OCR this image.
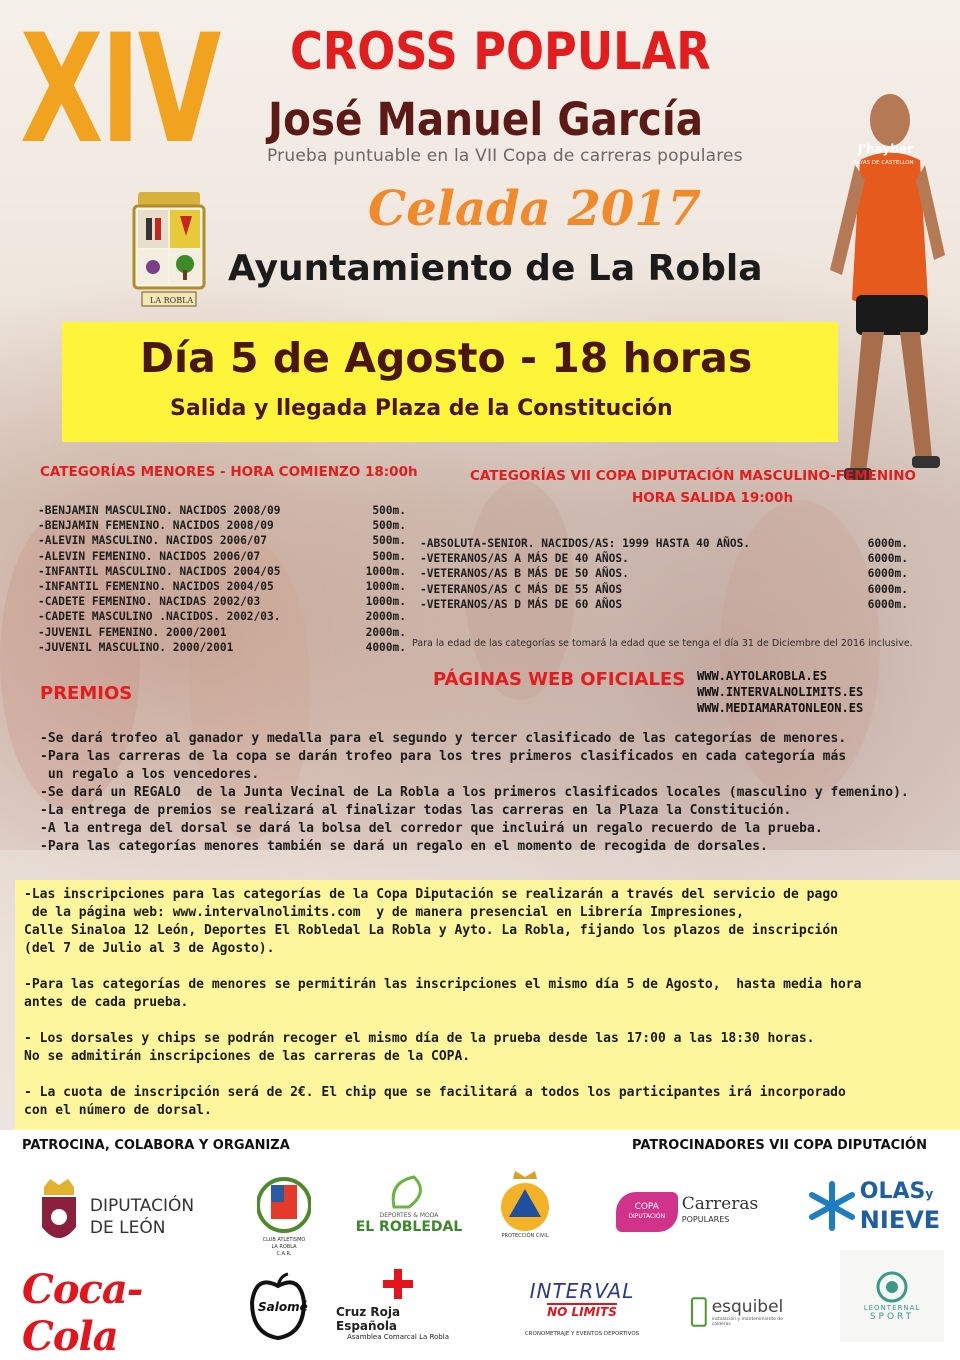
XIV CROSS POPULAR
José Manuel García
Prueba puntuable en la VII Copa de carreras populares
Celada 2017
Ayuntamiento de La Robla
LA ROBLA
J'hayber
RAYAS DE CASTELLON
Día 5 de Agosto - 18 horas
Salida y llegada Plaza de la Constitución
CATEGORÍAS MENORES - HORA COMIENZO 18:00h
-BENJAMIN MASCULINO. NACIDOS 2008/09	500m.
-BENJAMIN FEMENINO. NACIDOS 2008/09	500m.
-ALEVIN MASCULINO. NACIDOS 2006/07	500m.
-ALEVIN FEMENINO. NACIDOS 2006/07	500m.
-INFANTIL MASCULINO. NACIDOS 2004/05	1000m.
-INFANTIL FEMENINO. NACIDOS 2004/05	1000m.
-CADETE FEMENINO. NACIDAS 2002/03	1000m.
-CADETE MASCULINO .NACIDOS. 2002/03.	2000m.
-JUVENIL FEMENINO. 2000/2001	2000m.
-JUVENIL MASCULINO. 2000/2001	4000m.
CATEGORÍAS VII COPA DIPUTACIÓN MASCULINO-FEMENINO
HORA SALIDA 19:00h
-ABSOLUTA-SENIOR. NACIDOS/AS: 1999 HASTA 40 AÑOS.	6000m.
-VETERANOS/AS A MÁS DE 40 AÑOS.	6000m.
-VETERANOS/AS B MÁS DE 50 AÑOS.	6000m.
-VETERANOS/AS C MÁS DE 55 AÑOS	6000m.
-VETERANOS/AS D MÁS DE 60 AÑOS	6000m.
Para la edad de las categorías se tomará la edad que se tenga el día 31 de Diciembre del 2016 inclusive.
PREMIOS
PÁGINAS WEB OFICIALES WWW.AYTOLAROBLA.ES
WWW.INTERVALNOLIMITS.ES
WWW.MEDIAMARATONLEON.ES
-Se dará trofeo al ganador y medalla para el segundo y tercer clasificado de las categorías de menores.
-Para las carreras de la copa se darán trofeo para los tres primeros clasificados en cada categoría más
un regalo a los vencedores.
-Se dará un REGALO  de la Junta Vecinal de La Robla a los primeros clasificados locales (masculino y femenino).
-La entrega de premios se realizará al finalizar todas las carreras en la Plaza la Constitución.
-A la entrega del dorsal se dará la bolsa del corredor que incluirá un regalo recuerdo de la prueba.
-Para las categorías menores también se dará un regalo en el momento de recogida de dorsales.

-Las inscripciones para las categorías de la Copa Diputación se realizarán a través del servicio de pago
de la página web: www.intervalnolimits.com  y de manera presencial en Librería Impresiones,
Calle Sinaloa 12 León, Deportes El Robledal La Robla y Ayto. La Robla, fijando los plazos de inscripción
(del 7 de Julio al 3 de Agosto).

-Para las categorías de menores se permitirán las inscripciones el mismo día 5 de Agosto,  hasta media hora
antes de cada prueba.

- Los dorsales y chips se podrán recoger el mismo día de la prueba desde las 17:00 a las 18:30 horas.
No se admitirán inscripciones de las carreras de la COPA.

- La cuota de inscripción será de 2€. El chip que se facilitará a todos los participantes irá incorporado
con el número de dorsal.

PATROCINA, COLABORA Y ORGANIZA	PATROCINADORES VII COPA DIPUTACIÓN
DIPUTACIÓN
DE LEÓN
CLUB ATLETISMO
LA ROBLA
C.A.R.
DEPORTES & MODA
EL ROBLEDAL
PROTECCIÓN CIVIL
COPA
DIPUTACIÓN
Carreras
POPULARES
OLASy
NIEVE
Coca-Cola
Salomé Cruz Roja Española
Asamblea Comarcal La Robla
INTERVAL
NO LIMITS
CRONOMETRAJE Y EVENTOS DEPORTIVOS
esquibel
instalación y mantenimiento de calderas
LEONTERNAL
SPORT
